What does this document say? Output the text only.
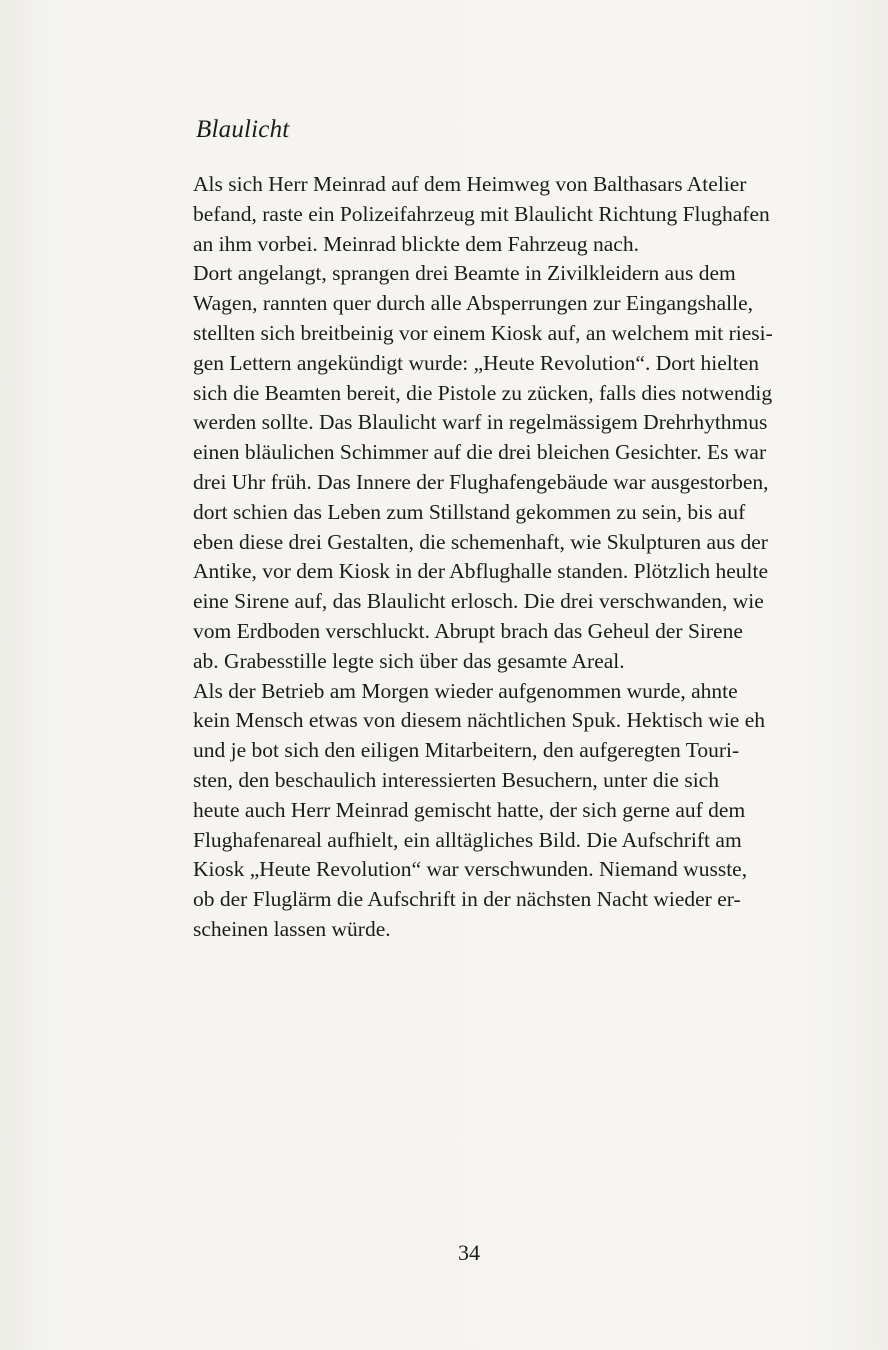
Blaulicht
Als sich Herr Meinrad auf dem Heimweg von Balthasars Atelier
befand, raste ein Polizeifahrzeug mit Blaulicht Richtung Flughafen
an ihm vorbei. Meinrad blickte dem Fahrzeug nach.
Dort angelangt, sprangen drei Beamte in Zivilkleidern aus dem
Wagen, rannten quer durch alle Absperrungen zur Eingangshalle,
stellten sich breitbeinig vor einem Kiosk auf, an welchem mit riesi-
gen Lettern angekündigt wurde: „Heute Revolution“. Dort hielten
sich die Beamten bereit, die Pistole zu zücken, falls dies notwendig
werden sollte. Das Blaulicht warf in regelmässigem Drehrhythmus
einen bläulichen Schimmer auf die drei bleichen Gesichter. Es war
drei Uhr früh. Das Innere der Flughafengebäude war ausgestorben,
dort schien das Leben zum Stillstand gekommen zu sein, bis auf
eben diese drei Gestalten, die schemenhaft, wie Skulpturen aus der
Antike, vor dem Kiosk in der Abflughalle standen. Plötzlich heulte
eine Sirene auf, das Blaulicht erlosch. Die drei verschwanden, wie
vom Erdboden verschluckt. Abrupt brach das Geheul der Sirene
ab. Grabesstille legte sich über das gesamte Areal.
Als der Betrieb am Morgen wieder aufgenommen wurde, ahnte
kein Mensch etwas von diesem nächtlichen Spuk. Hektisch wie eh
und je bot sich den eiligen Mitarbeitern, den aufgeregten Touri-
sten, den beschaulich interessierten Besuchern, unter die sich
heute auch Herr Meinrad gemischt hatte, der sich gerne auf dem
Flughafenareal aufhielt, ein alltägliches Bild. Die Aufschrift am
Kiosk „Heute Revolution“ war verschwunden. Niemand wusste,
ob der Fluglärm die Aufschrift in der nächsten Nacht wieder er-
scheinen lassen würde.
34
